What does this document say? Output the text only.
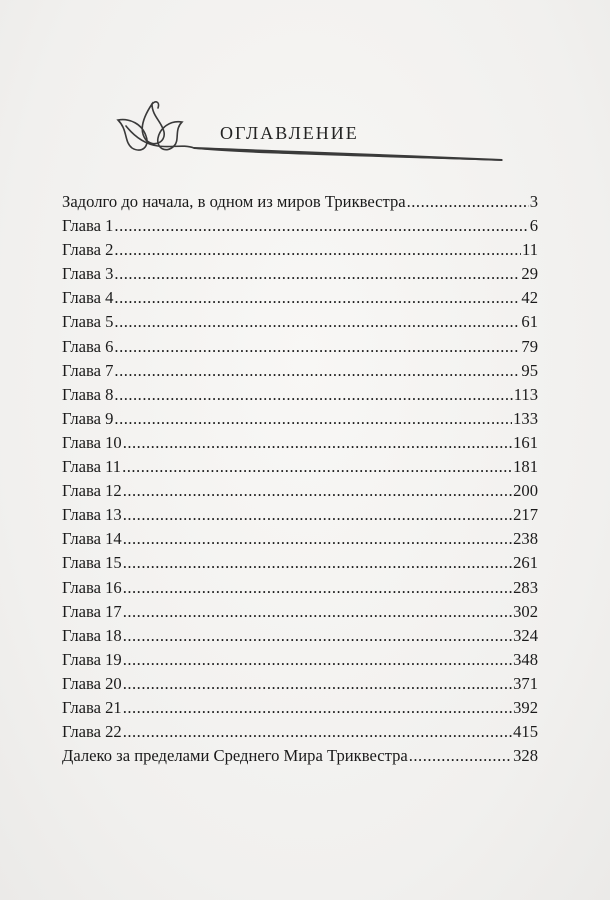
оглавление
Задолго до начала, в одном из миров Триквестра .....	3
Глава 1 .....	6
Глава 2 .....	11
Глава 3 .....	29
Глава 4 .....	42
Глава 5 .....	61
Глава 6 .....	79
Глава 7 .....	95
Глава 8 .....	113
Глава 9 .....	133
Глава 10 .....	161
Глава 11 .....	181
Глава 12 .....	200
Глава 13 .....	217
Глава 14 .....	238
Глава 15 .....	261
Глава 16 .....	283
Глава 17 .....	302
Глава 18 .....	324
Глава 19 .....	348
Глава 20 .....	371
Глава 21 .....	392
Глава 22 .....	415
Далеко за пределами Среднего Мира Триквестра .....	328
